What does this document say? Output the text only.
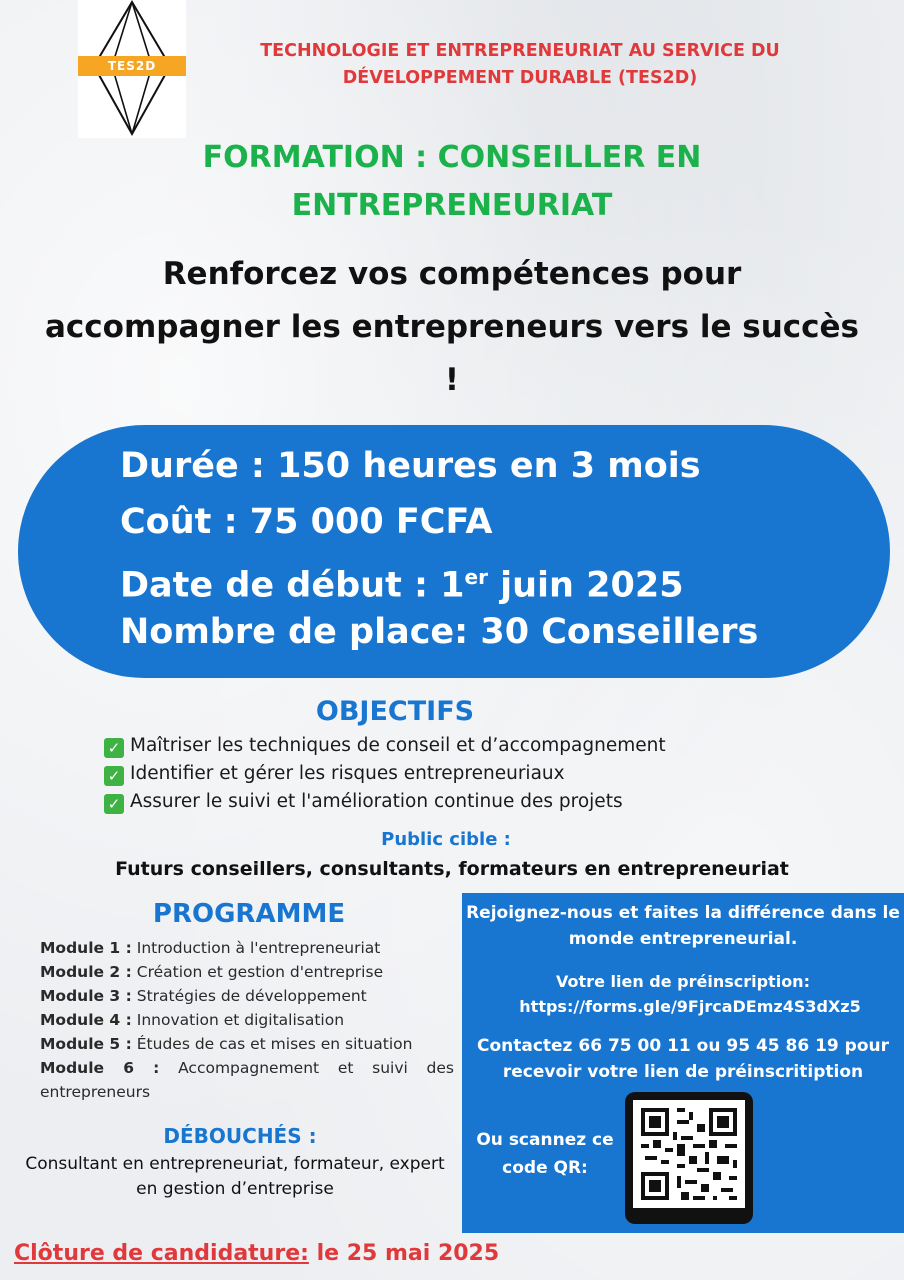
TES2D
TECHNOLOGIE ET ENTREPRENEURIAT AU SERVICE DU DÉVELOPPEMENT DURABLE (TES2D)
FORMATION : CONSEILLER EN ENTREPRENEURIAT
Renforcez vos compétences pour accompagner les entrepreneurs vers le succès !
Durée : 150 heures en 3 mois
Coût : 75 000 FCFA
Date de début : 1er juin 2025
Nombre de place: 30 Conseillers
OBJECTIFS
✓ Maîtriser les techniques de conseil et d’accompagnement
✓ Identifier et gérer les risques entrepreneuriaux
✓ Assurer le suivi et l'amélioration continue des projets
Public cible :
Futurs conseillers, consultants, formateurs en entrepreneuriat
PROGRAMME
Module 1 : Introduction à l'entrepreneuriat
Module 2 : Création et gestion d'entreprise
Module 3 : Stratégies de développement
Module 4 : Innovation et digitalisation
Module 5 : Études de cas et mises en situation
Module 6 : Accompagnement et suivi des entrepreneurs
DÉBOUCHÉS :
Consultant en entrepreneuriat, formateur, expert en gestion d’entreprise
Clôture de candidature: le 25 mai 2025
Rejoignez-nous et faites la différence dans le monde entrepreneurial.
Votre lien de préinscription:
https://forms.gle/9FjrcaDEmz4S3dXz5
Contactez 66 75 00 11 ou 95 45 86 19 pour recevoir votre lien de préinscritiption
Ou scannez ce code QR:
